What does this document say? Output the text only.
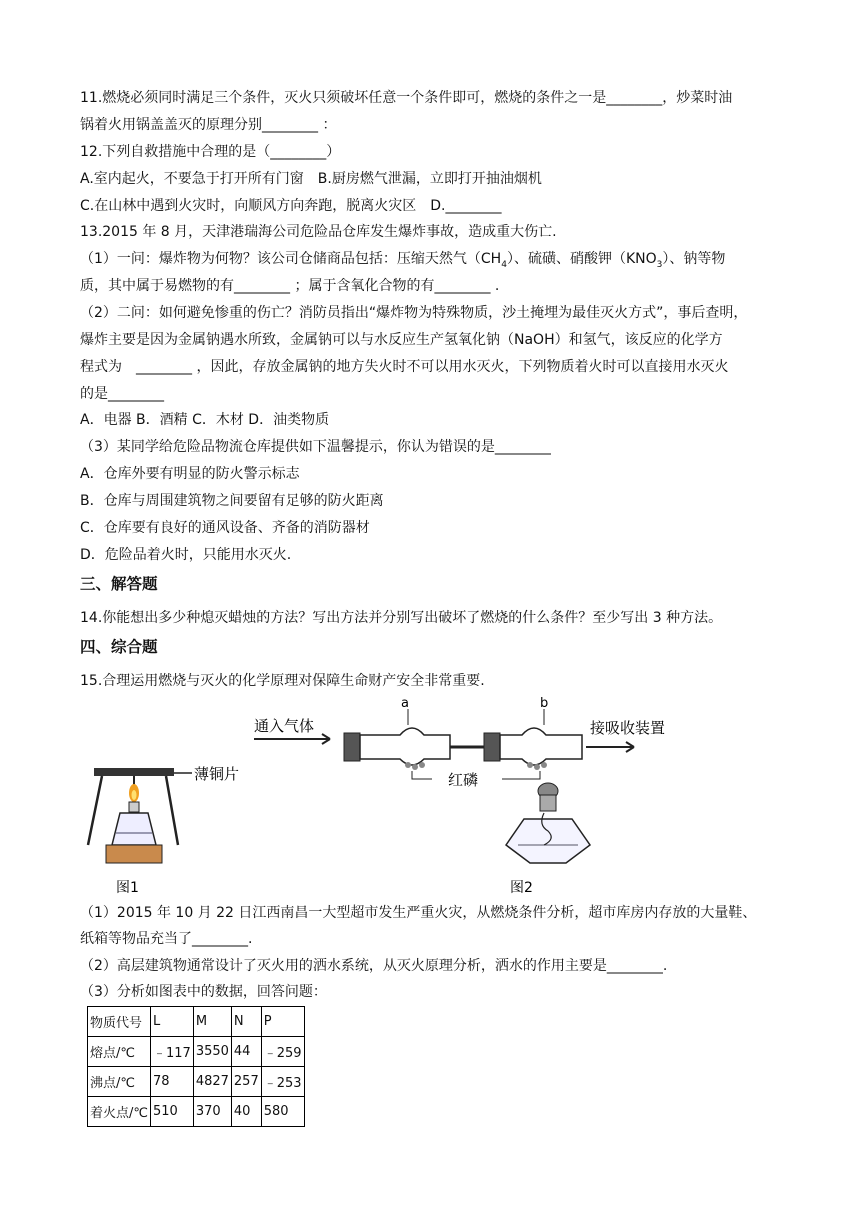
11.燃烧必须同时满足三个条件，灭火只须破坏任意一个条件即可，燃烧的条件之一是________，炒菜时油
锅着火用锅盖盖灭的原理分别________ ：
12.下列自救措施中合理的是（________）
A.室内起火，不要急于打开所有门窗 B.厨房燃气泄漏，立即打开抽油烟机
C.在山林中遇到火灾时，向顺风方向奔跑，脱离火灾区 D.________
13.2015 年 8 月，天津港瑞海公司危险品仓库发生爆炸事故，造成重大伤亡.
（1）一问：爆炸物为何物？该公司仓储商品包括：压缩天然气$(CH_4)$、硫磺、硝酸钾$(KNO_3)$、钠等物
质，其中属于易燃物的有________ ；属于含氧化合物的有________ .
（2）二问：如何避免惨重的伤亡？消防员指出“爆炸物为特殊物质，沙土掩埋为最佳灭火方式”，事后查明，
爆炸主要是因为金属钠遇水所致，金属钠可以与水反应生产氢氧化钠（NaOH）和氢气，该反应的化学方
程式为　________ ，因此，存放金属钠的地方失火时不可以用水灭火，下列物质着火时可以直接用水灭火
的是________
A．电器 B．酒精 C．木材 D．油类物质
（3）某同学给危险品物流仓库提供如下温馨提示，你认为错误的是________
A．仓库外要有明显的防火警示标志
B．仓库与周围建筑物之间要留有足够的防火距离
C．仓库要有良好的通风设备、齐备的消防器材
D．危险品着火时，只能用水灭火.
三、解答题
14.你能想出多少种熄灭蜡烛的方法？写出方法并分别写出破坏了燃烧的什么条件？至少写出 3 种方法。
四、综合题
15.合理运用燃烧与灭火的化学原理对保障生命财产安全非常重要.
薄铜片
图1
通入气体
a	b
红磷
接吸收装置
图2
（1）2015 年 10 月 22 日江西南昌一大型超市发生严重火灾，从燃烧条件分析，超市库房内存放的大量鞋、
纸箱等物品充当了________.
（2）高层建筑物通常设计了灭火用的洒水系统，从灭火原理分析，洒水的作用主要是________.
（3）分析如图表中的数据，回答问题：
物质代号	L	M	N	P
熔点/℃	﹣117	3550	44	﹣259
沸点/℃	78	4827	257	﹣253
着火点/℃	510	370	40	580
